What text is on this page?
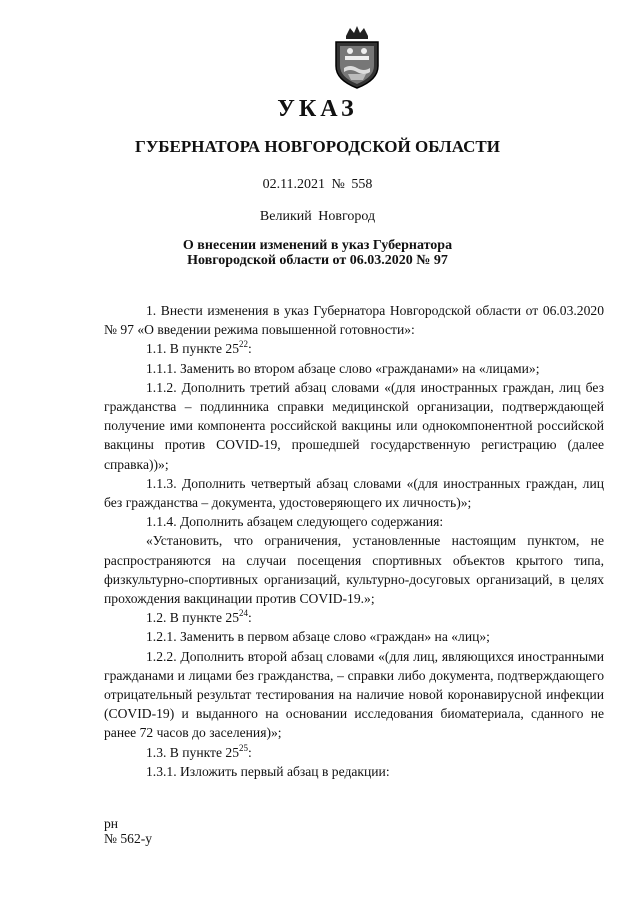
УКАЗ
ГУБЕРНАТОРА НОВГОРОДСКОЙ ОБЛАСТИ

02.11.2021 № 558

Великий Новгород

О внесении изменений в указ Губернатора
Новгородской области от 06.03.2020 № 97

1. Внести изменения в указ Губернатора Новгородской области от 06.03.2020 № 97 «О введении режима повышенной готовности»:

1.1. В пункте $25^{22}$:

1.1.1. Заменить во втором абзаце слово «гражданами» на «лицами»;

1.1.2. Дополнить третий абзац словами «(для иностранных граждан, лиц без гражданства – подлинника справки медицинской организации, подтверждающей получение ими компонента российской вакцины или однокомпонентной российской вакцины против COVID-19, прошедшей государственную регистрацию (далее справка))»;

1.1.3. Дополнить четвертый абзац словами «(для иностранных граждан, лиц без гражданства – документа, удостоверяющего их личность)»;

1.1.4. Дополнить абзацем следующего содержания:

«Установить, что ограничения, установленные настоящим пунктом, не распространяются на случаи посещения спортивных объектов крытого типа, физкультурно-спортивных организаций, культурно-досуговых организаций, в целях прохождения вакцинации против COVID-19.»;

1.2. В пункте $25^{24}$:

1.2.1. Заменить в первом абзаце слово «граждан» на «лиц»;

1.2.2. Дополнить второй абзац словами «(для лиц, являющихся иностранными гражданами и лицами без гражданства, – справки либо документа, подтверждающего отрицательный результат тестирования на наличие новой коронавирусной инфекции (COVID-19) и выданного на основании исследования биоматериала, сданного не ранее 72 часов до заселения)»;

1.3. В пункте $25^{25}$:

1.3.1. Изложить первый абзац в редакции:

рн
№ 562-у
